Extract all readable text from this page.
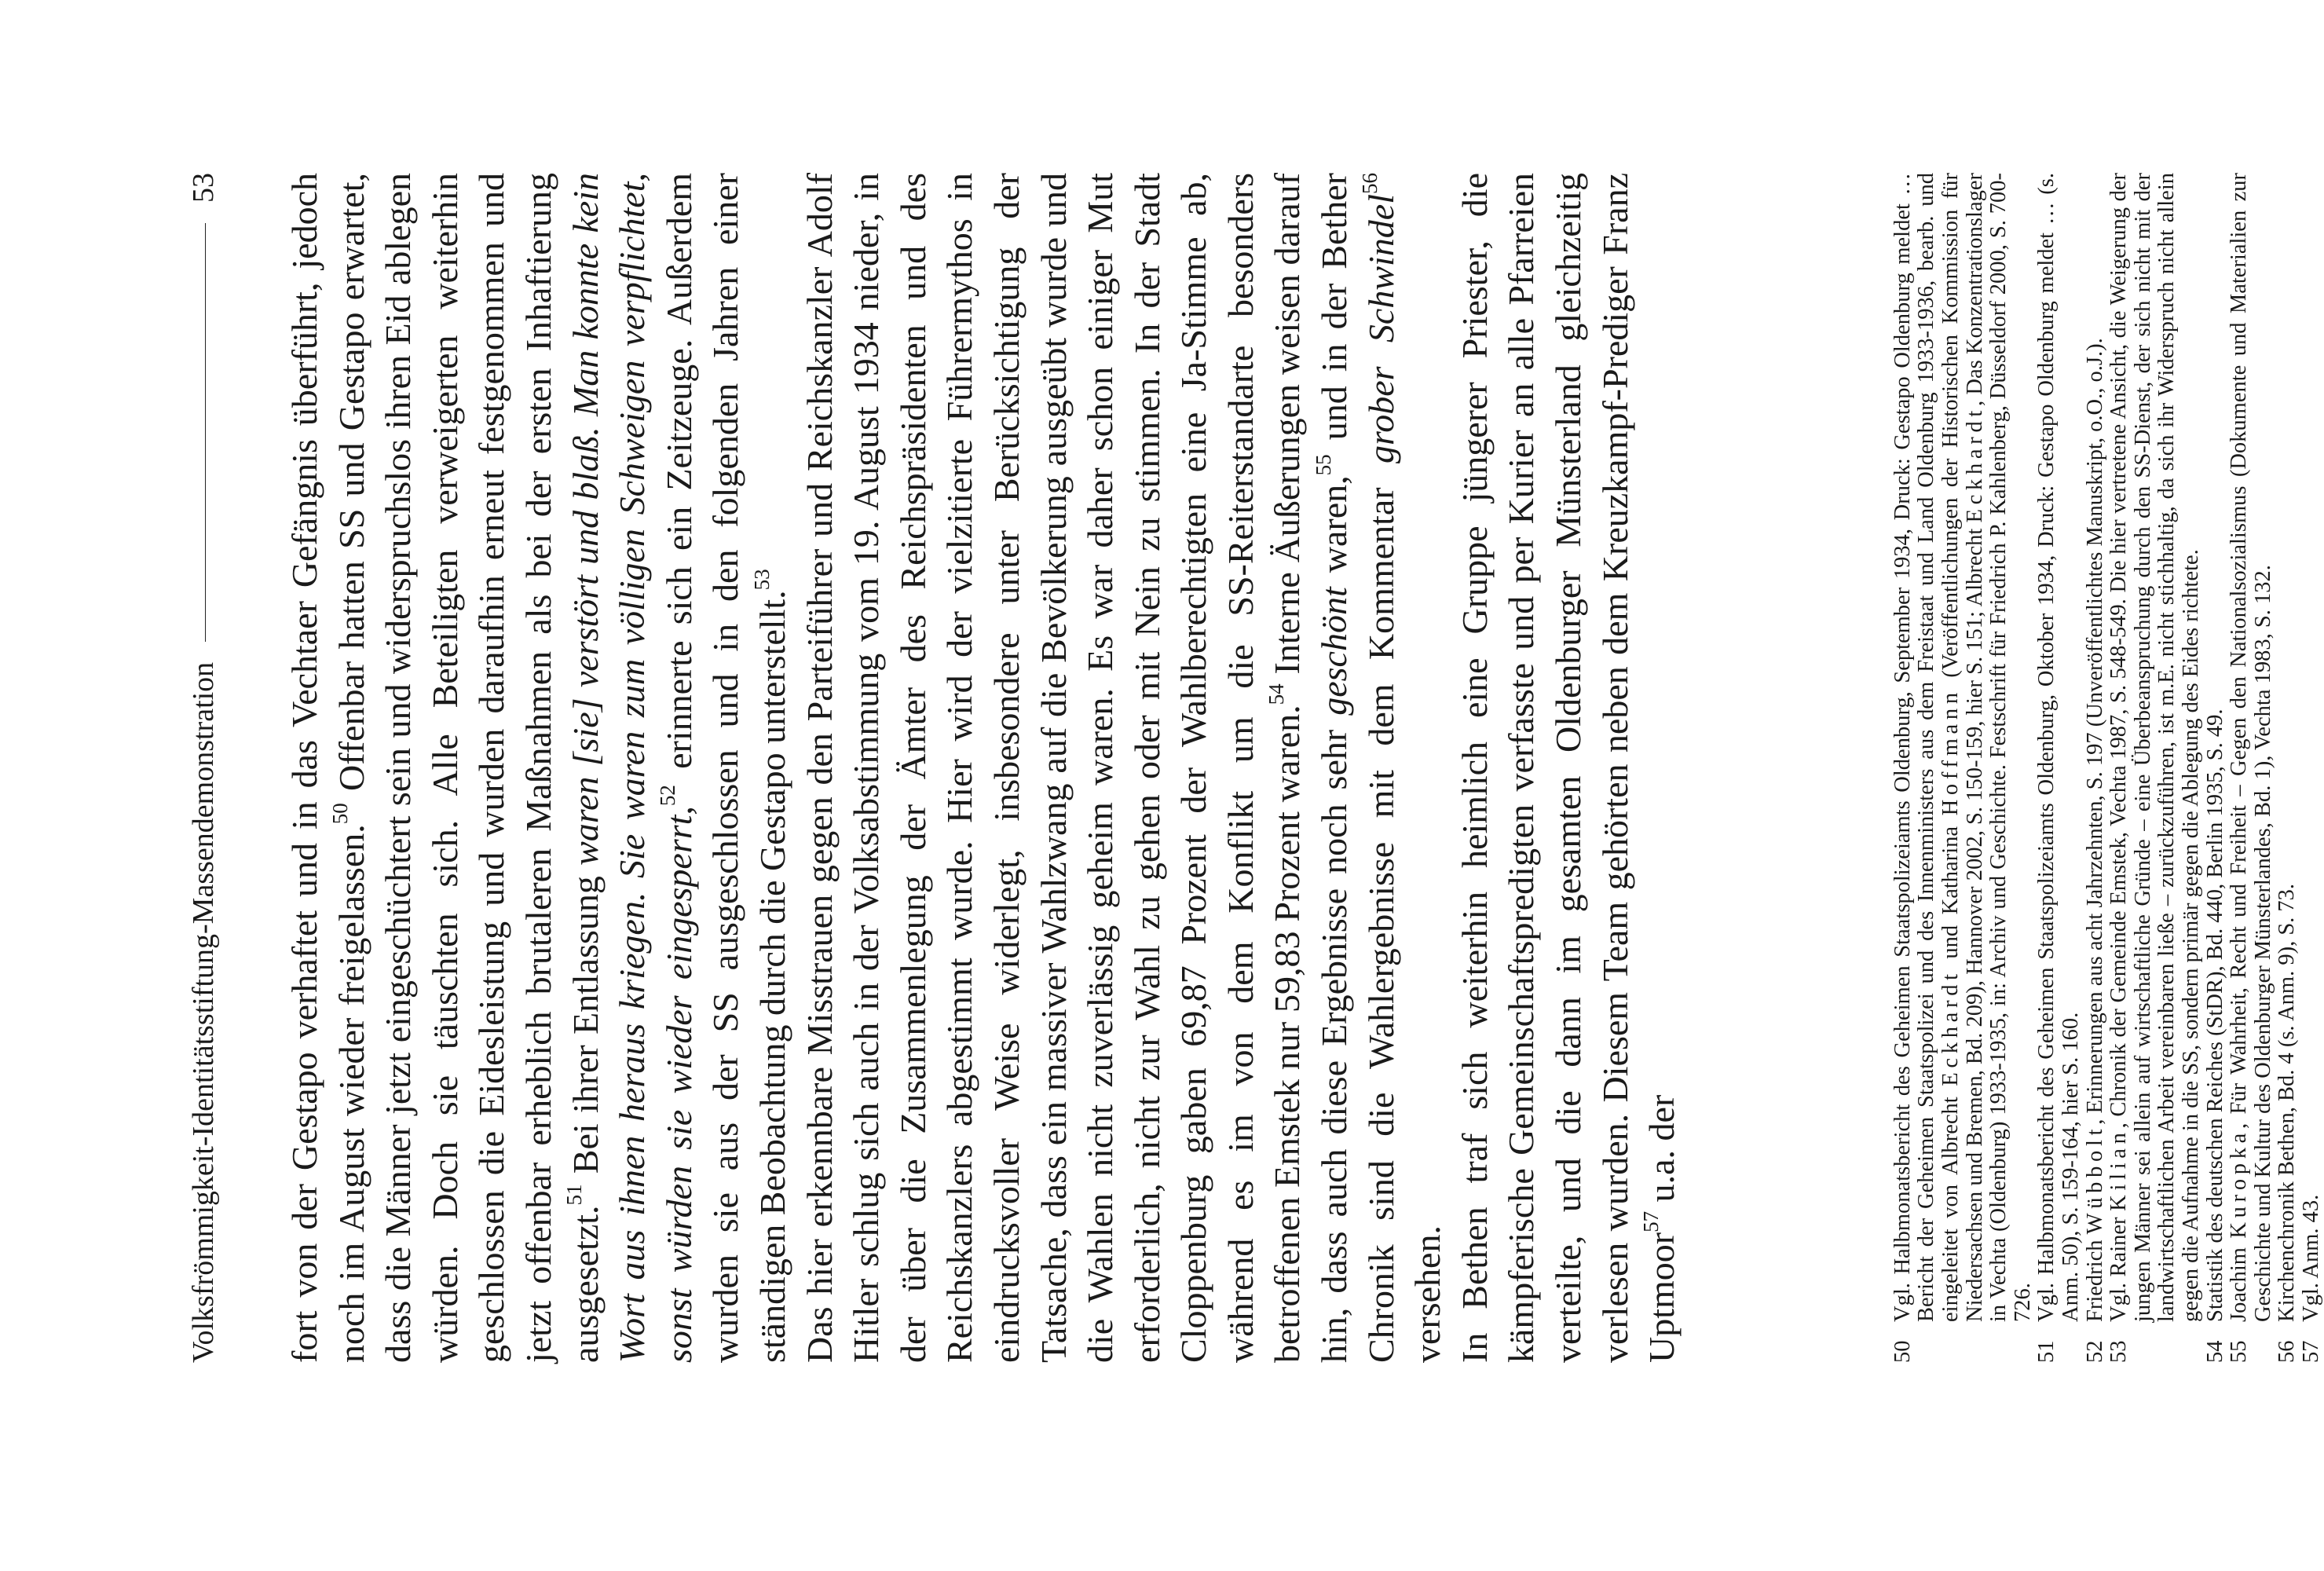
Volksfrömmigkeit-Identitätsstiftung-Massendemonstration
53 fort von der Gestapo verhaftet und in das Vechtaer Gefängnis überführt, jedoch noch im August wieder freigelassen.$^{50}$ Offenbar hatten SS und Gestapo erwartet, dass die Männer jetzt eingeschüchtert sein und widerspruchslos ihren Eid ablegen würden. Doch sie täuschten sich. Alle Beteiligten verweigerten weiterhin geschlossen die Eidesleistung und wurden daraufhin erneut festgenommen und jetzt offenbar erheblich brutaleren Maßnahmen als bei der ersten Inhaftierung ausgesetzt.$^{51}$ Bei ihrer Entlassung waren [sie] verstört und blaß. Man konnte kein Wort aus ihnen heraus kriegen. Sie waren zum völligen Schweigen verpflichtet, sonst würden sie wieder eingesperrt,$^{52}$ erinnerte sich ein Zeitzeuge. Außerdem wurden sie aus der SS ausgeschlossen und in den folgenden Jahren einer ständigen Beobachtung durch die Gestapo unterstellt.$^{53}$ Das hier erkennbare Misstrauen gegen den Parteiführer und Reichskanzler Adolf Hitler schlug sich auch in der Volksabstimmung vom 19. August 1934 nieder, in der über die Zusammenlegung der Ämter des Reichspräsidenten und des Reichskanzlers abgestimmt wurde. Hier wird der vielzitierte Führermythos in eindrucksvoller Weise widerlegt, insbesondere unter Berücksichtigung der Tatsache, dass ein massiver Wahlzwang auf die Bevölkerung ausgeübt wurde und die Wahlen nicht zuverlässig geheim waren. Es war daher schon einiger Mut erforderlich, nicht zur Wahl zu gehen oder mit Nein zu stimmen. In der Stadt Cloppenburg gaben 69,87 Prozent der Wahlberechtigten eine Ja-Stimme ab, während es im von dem Konflikt um die SS-Reiterstandarte besonders betroffenen Emstek nur 59,83 Prozent waren.$^{54}$ Interne Äußerungen weisen darauf hin, dass auch diese Ergebnisse noch sehr geschönt waren,$^{55}$ und in der Bether Chronik sind die Wahlergebnisse mit dem Kommentar grober Schwindel$^{56}$ versehen. In Bethen traf sich weiterhin heimlich eine Gruppe jüngerer Priester, die kämpferische Gemeinschaftspredigten verfasste und per Kurier an alle Pfarreien verteilte, und die dann im gesamten Oldenburger Münsterland gleichzeitig verlesen wurden. Diesem Team gehörten neben dem Kreuzkampf-Prediger Franz Uptmoor$^{57}$ u.a. der

50
Vgl. Halbmonatsbericht des Geheimen Staatspolizeiamts Oldenburg, September 1934, Druck: Gestapo Oldenburg meldet … Bericht der Geheimen Staatspolizei und des Innenministers aus dem Freistaat und Land Oldenburg 1933-1936, bearb. und eingeleitet von Albrecht Eckhardt und Katharina Hoffmann (Veröffentlichungen der Historischen Kommission für Niedersachsen und Bremen, Bd. 209), Hannover 2002, S. 150-159, hier S. 151; Albrecht Eckhardt, Das Konzentrationslager in Vechta (Oldenburg) 1933-1935, in: Archiv und Geschichte. Festschrift für Friedrich P. Kahlenberg, Düsseldorf 2000, S. 700-726.
51
Vgl. Halbmonatsbericht des Geheimen Staatspolizeiamts Oldenburg, Oktober 1934, Druck: Gestapo Oldenburg meldet … (s. Anm. 50), S. 159-164, hier S. 160.
52
Friedrich Wübbolt, Erinnerungen aus acht Jahrzehnten, S. 197 (Unveröffentlichtes Manuskript, o.O., o.J.).
53
Vgl. Rainer Kilian, Chronik der Gemeinde Emstek, Vechta 1987, S. 548-549. Die hier vertretene Ansicht, die Weigerung der jungen Männer sei allein auf wirtschaftliche Gründe – eine Überbeanspruchung durch den SS-Dienst, der sich nicht mit der landwirtschaftlichen Arbeit vereinbaren ließe – zurückzuführen, ist m.E. nicht stichhaltig, da sich ihr Widerspruch nicht allein gegen die Aufnahme in die SS, sondern primär gegen die Ablegung des Eides richtete.
54
Statistik des deutschen Reiches (StDR), Bd. 440, Berlin 1935, S. 49.
55
Joachim Kuropka, Für Wahrheit, Recht und Freiheit – Gegen den Nationalsozialismus (Dokumente und Materialien zur Geschichte und Kultur des Oldenburger Münsterlandes, Bd. 1), Vechta 1983, S. 132.
56
Kirchenchronik Bethen, Bd. 4 (s. Anm. 9), S. 73.
57
Vgl. Anm. 43.
